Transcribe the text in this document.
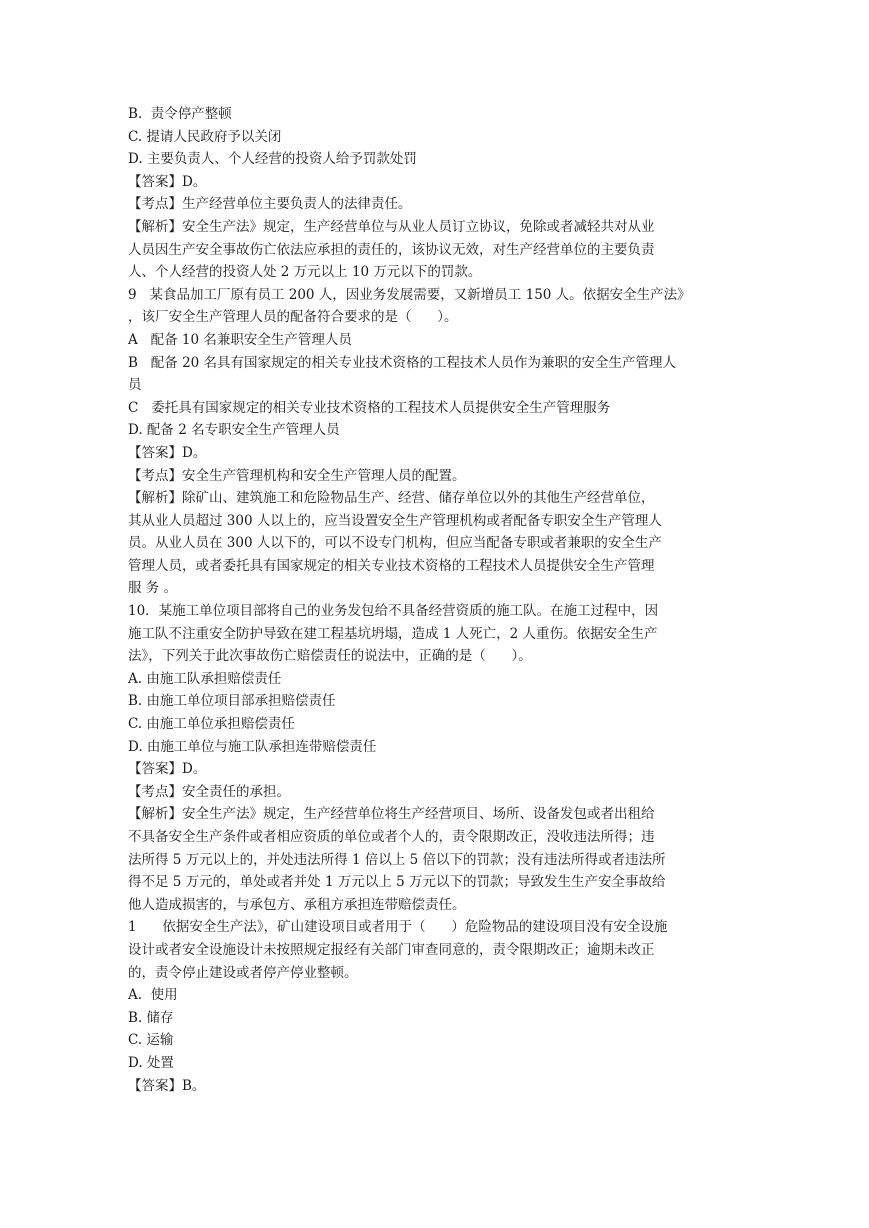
B.  责令停产整顿
C. 提请人民政府予以关闭
D. 主要负责人、个人经营的投资人给予罚款处罚
【答案】D。
【考点】生产经营单位主要负责人的法律责任。
【解析】安全生产法》规定，生产经营单位与从业人员订立协议，免除或者减轻共对从业
人员因生产安全事故伤亡依法应承担的责任的，该协议无效，对生产经营单位的主要负责
人、个人经营的投资人处 2 万元以上 10 万元以下的罚款。
9   某食品加工厂原有员工 200 人，因业务发展需要，又新增员工 150 人。依据安全生产法》
，该厂安全生产管理人员的配备符合要求的是（      ）。
A   配备 10 名兼职安全生产管理人员
B   配备 20 名具有国家规定的相关专业技术资格的工程技术人员作为兼职的安全生产管理人
员
C   委托具有国家规定的相关专业技术资格的工程技术人员提供安全生产管理服务
D. 配备 2 名专职安全生产管理人员
【答案】D。
【考点】安全生产管理机构和安全生产管理人员的配置。
【解析】除矿山、建筑施工和危险物品生产、经营、储存单位以外的其他生产经营单位，
其从业人员超过 300 人以上的，应当设置安全生产管理机构或者配备专职安全生产管理人
员。从业人员在 300 人以下的，可以不设专门机构，但应当配备专职或者兼职的安全生产
管理人员，或者委托具有国家规定的相关专业技术资格的工程技术人员提供安全生产管理
服 务 。
10．某施工单位项目部将自己的业务发包给不具备经营资质的施工队。在施工过程中，因
施工队不注重安全防护导致在建工程基坑坍塌，造成 1 人死亡，2 人重伤。依据安全生产
法》，下列关于此次事故伤亡赔偿责任的说法中，正确的是（      ）。
A. 由施工队承担赔偿责任
B. 由施工单位项目部承担赔偿责任
C. 由施工单位承担赔偿责任
D. 由施工单位与施工队承担连带赔偿责任
【答案】D。
【考点】安全责任的承担。
【解析】安全生产法》规定，生产经营单位将生产经营项目、场所、设备发包或者出租给
不具备安全生产条件或者相应资质的单位或者个人的，责令限期改正，没收违法所得；违
法所得 5 万元以上的，并处违法所得 1 倍以上 5 倍以下的罚款；没有违法所得或者违法所
得不足 5 万元的，单处或者并处 1 万元以上 5 万元以下的罚款；导致发生生产安全事故给
他人造成损害的，与承包方、承租方承担连带赔偿责任。
1      依据安全生产法》，矿山建设项目或者用于（      ）危险物品的建设项目没有安全设施
设计或者安全设施设计未按照规定报经有关部门审查同意的，责令限期改正；逾期未改正
的，责令停止建设或者停产停业整顿。
A.  使用
B. 储存
C. 运输
D. 处置
【答案】B。
